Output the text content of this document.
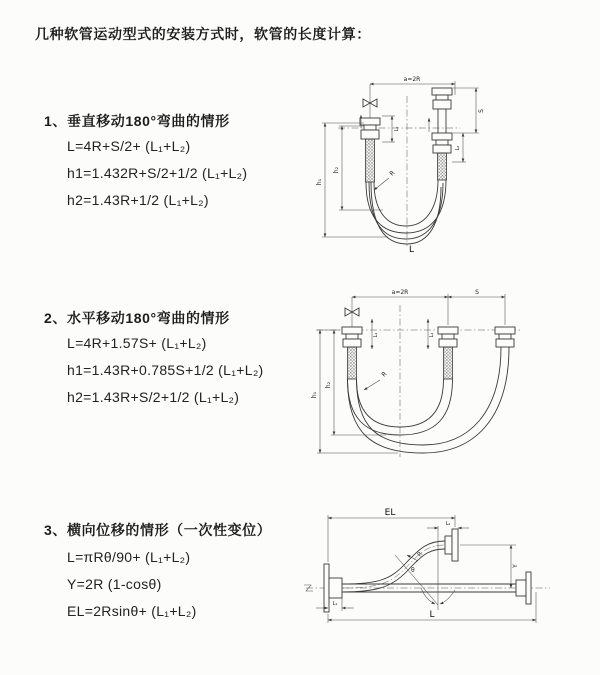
几种软管运动型式的安装方式时，软管的长度计算：
1、垂直移动180°弯曲的情形
L=4R+S/2+ (L₁+L₂)
h1=1.432R+S/2+1/2 (L₁+L₂)
h2=1.43R+1/2 (L₁+L₂)
2、水平移动180°弯曲的情形
L=4R+1.57S+ (L₁+L₂)
h1=1.43R+0.785S+1/2 (L₁+L₂)
h2=1.43R+S/2+1/2 (L₁+L₂)
3、横向位移的情形（一次性变位）
L=πRθ/90+ (L₁+L₂)
Y=2R (1-cosθ)
EL=2Rsinθ+ (L₁+L₂)
a=2R
S
L₂
L₁
R
h₁
h₂
L
a=2R	S
L₁	L₂
R
h₁
h₂
EL
L₂
Y
R
θ
L₁
L
